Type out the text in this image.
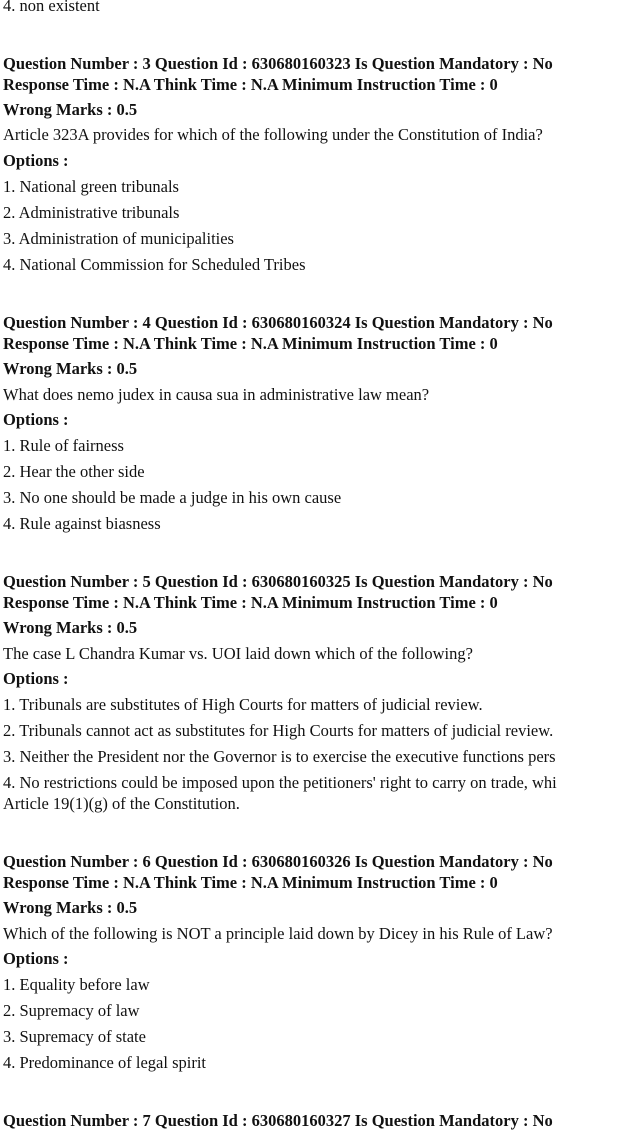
4. non existent
Question Number : 3 Question Id : 630680160323 Is Question Mandatory : No
Response Time : N.A Think Time : N.A Minimum Instruction Time : 0
Wrong Marks : 0.5
Article 323A provides for which of the following under the Constitution of India?
Options :
1. National green tribunals
2. Administrative tribunals
3. Administration of municipalities
4. National Commission for Scheduled Tribes
Question Number : 4 Question Id : 630680160324 Is Question Mandatory : No
Response Time : N.A Think Time : N.A Minimum Instruction Time : 0
Wrong Marks : 0.5
What does nemo judex in causa sua in administrative law mean?
Options :
1. Rule of fairness
2. Hear the other side
3. No one should be made a judge in his own cause
4. Rule against biasness
Question Number : 5 Question Id : 630680160325 Is Question Mandatory : No
Response Time : N.A Think Time : N.A Minimum Instruction Time : 0
Wrong Marks : 0.5
The case L Chandra Kumar vs. UOI laid down which of the following?
Options :
1. Tribunals are substitutes of High Courts for matters of judicial review.
2. Tribunals cannot act as substitutes for High Courts for matters of judicial review.
3. Neither the President nor the Governor is to exercise the executive functions pers
4. No restrictions could be imposed upon the petitioners' right to carry on trade, whi
Article 19(1)(g) of the Constitution.
Question Number : 6 Question Id : 630680160326 Is Question Mandatory : No
Response Time : N.A Think Time : N.A Minimum Instruction Time : 0
Wrong Marks : 0.5
Which of the following is NOT a principle laid down by Dicey in his Rule of Law?
Options :
1. Equality before law
2. Supremacy of law
3. Supremacy of state
4. Predominance of legal spirit
Question Number : 7 Question Id : 630680160327 Is Question Mandatory : No
